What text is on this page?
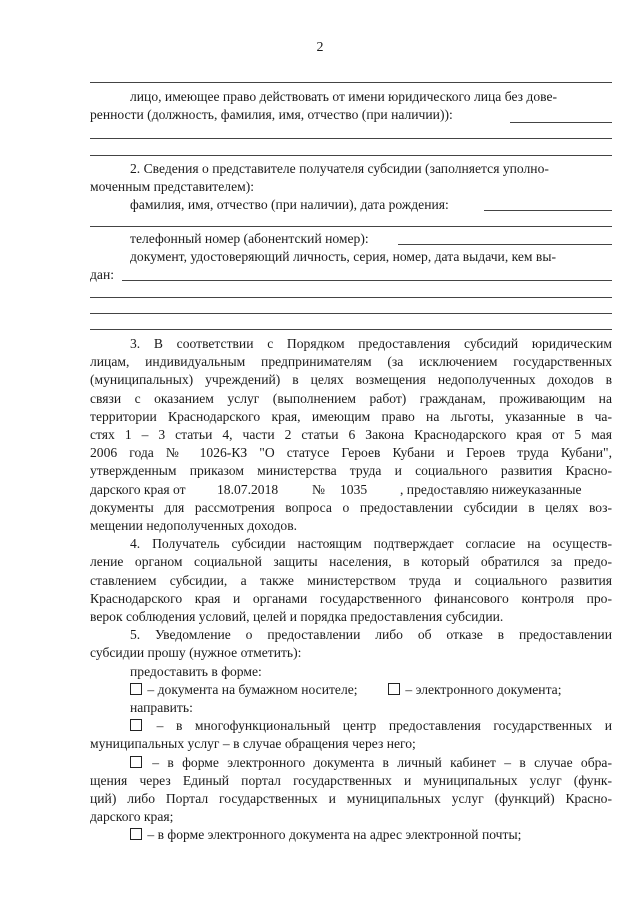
2
лицо, имеющее право действовать от имени юридического лица без дове-
ренности (должность, фамилия, имя, отчество (при наличии)):
2. Сведения о представителе получателя субсидии (заполняется уполно-
моченным представителем):
фамилия, имя, отчество (при наличии), дата рождения:
телефонный номер (абонентский номер):
документ, удостоверяющий личность, серия, номер, дата выдачи, кем вы-
дан:
3. В соответствии с Порядком предоставления субсидий юридическим
лицам, индивидуальным предпринимателям (за исключением государственных
(муниципальных) учреждений) в целях возмещения недополученных доходов в
связи с оказанием услуг (выполнением работ) гражданам, проживающим на
территории Краснодарского края, имеющим право на льготы, указанные в ча-
стях 1 – 3 статьи 4, части 2 статьи 6 Закона Краснодарского края от 5 мая
2006 года № 1026-КЗ "О статусе Героев Кубани и Героев труда Кубани",
утвержденным приказом министерства труда и социального развития Красно-
дарского края от 18.07.2018 № 1035 , предоставляю нижеуказанные
документы для рассмотрения вопроса о предоставлении субсидии в целях воз-
мещении недополученных доходов.
4. Получатель субсидии настоящим подтверждает согласие на осуществ-
ление органом социальной защиты населения, в который обратился за предо-
ставлением субсидии, а также министерством труда и социального развития
Краснодарского края и органами государственного финансового контроля про-
верок соблюдения условий, целей и порядка предоставления субсидии.
5. Уведомление о предоставлении либо об отказе в предоставлении
субсидии прошу (нужное отметить):
предоставить в форме:
– документа на бумажном носителе;	– электронного документа;
направить:
– в многофункциональный центр предоставления государственных и
муниципальных услуг – в случае обращения через него;
– в форме электронного документа в личный кабинет – в случае обра-
щения через Единый портал государственных и муниципальных услуг (функ-
ций) либо Портал государственных и муниципальных услуг (функций) Красно-
дарского края;
– в форме электронного документа на адрес электронной почты;
